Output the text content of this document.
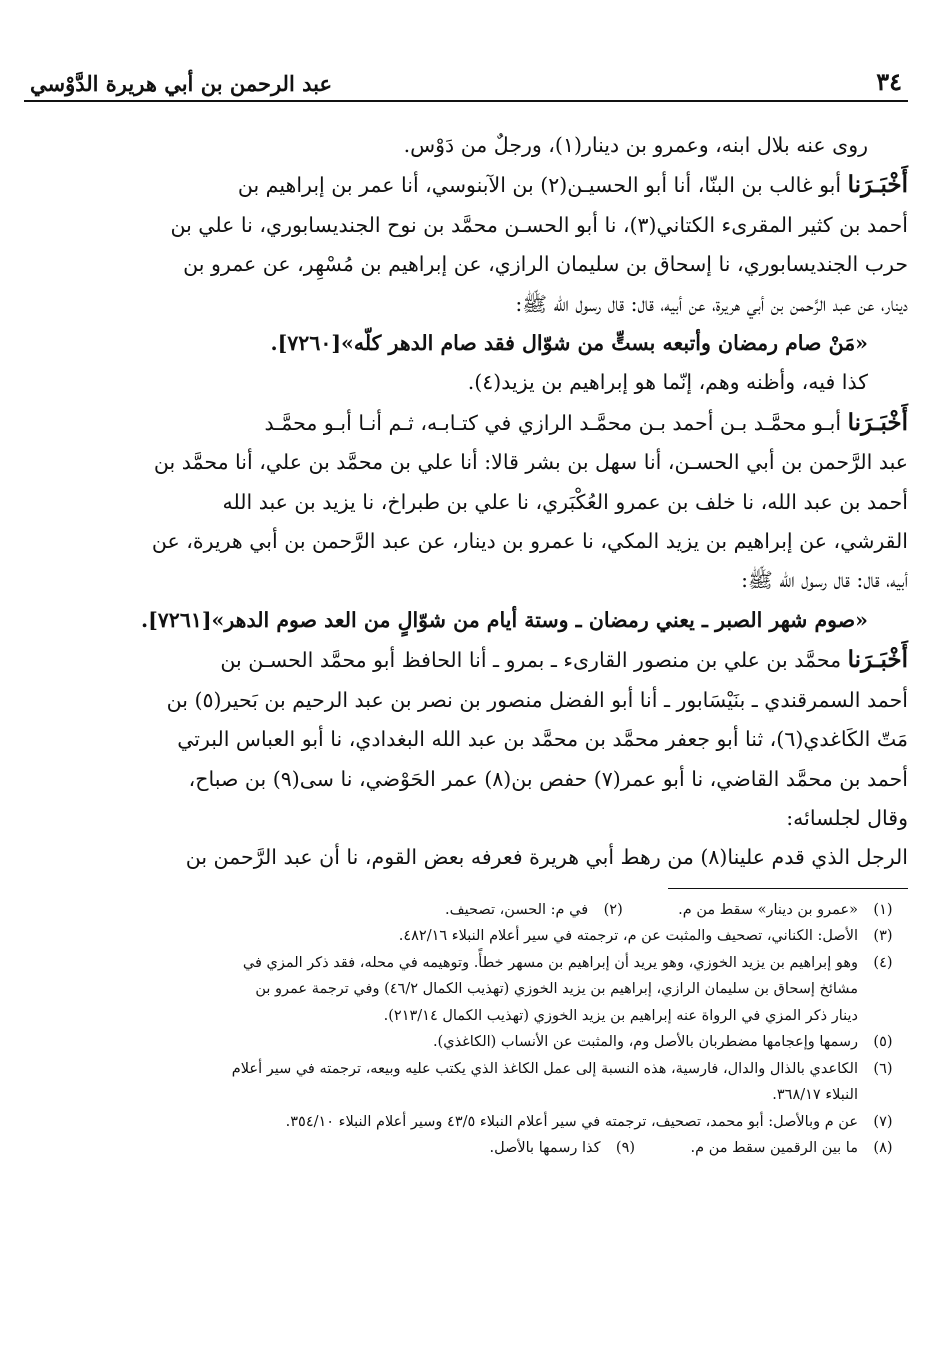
٣٤
عبد الرحمن بن أبي هريرة الدَّوْسي

روى عنه بلال ابنه، وعمرو بن دينار(١)، ورجلٌ من دَوْس.

أَخْبَـرَنا أبو غالب بن البنّا، أنا أبو الحسيـن(٢) بن الآبنوسي، أنا عمر بن إبراهيم بن

أحمد بن كثير المقرىء الكتاني(٣)، نا أبو الحسـن محمَّد بن نوح الجنديسابوري، نا علي بن

حرب الجنديسابوري، نا إسحاق بن سليمان الرازي، عن إبراهيم بن مُسْهِر، عن عمرو بن

دينار، عن عبد الرَّحمن بن أبي هريرة، عن أبيه، قال: قال رسول الله ﷺ:

«مَنْ صام رمضان وأتبعه بستٍّ من شوّال فقد صام الدهر كلّه»[٧٢٦٠].

كذا فيه، وأظنه وهم، إنّما هو إبراهيم بن يزيد(٤).

أَخْبَـرَنا أبـو محمَّـد بـن أحمد بـن محمَّـد الرازي في كتـابـه، ثـم أنـا أبـو محمَّـد

عبد الرَّحمن بن أبي الحسـن، أنا سهل بن بشر قالا: أنا علي بن محمَّد بن علي، أنا محمَّد بن

أحمد بن عبد الله، نا خلف بن عمرو العُكْبَري، نا علي بن طبراخ، نا يزيد بن عبد الله

القرشي، عن إبراهيم بن يزيد المكي، نا عمرو بن دينار، عن عبد الرَّحمن بن أبي هريرة، عن

أبيه، قال: قال رسول الله ﷺ:

«صوم شهر الصبر ـ يعني رمضان ـ وستة أيام من شوّالٍ من العد صوم الدهر»[٧٢٦١].

أَخْبَـرَنا محمَّد بن علي بن منصور القارىء ـ بمرو ـ أنا الحافظ أبو محمَّد الحسـن بن

أحمد السمرقندي ـ بنَيْسَابور ـ أنا أبو الفضل منصور بن نصر بن عبد الرحيم بن بَحير(٥) بن

مَتّ الكَاغدي(٦)، ثنا أبو جعفر محمَّد بن محمَّد بن عبد الله البغدادي، نا أبو العباس البرتي

أحمد بن محمَّد القاضي، نا أبو عمر(٧) حفص بن(٨) عمر الحَوْضي، نا سى(٩) بن صباح،

وقال لجلسائه:

الرجل الذي قدم علينا(٨) من رهط أبي هريرة فعرفه بعض القوم، نا أن عبد الرَّحمن بن

(١)
«عمرو بن دينار» سقط من م.
(٢)
في م: الحسن، تصحيف.
(٣)
الأصل: الكناني، تصحيف والمثبت عن م، ترجمته في سير أعلام النبلاء ٤٨٢/١٦.
(٤)
وهو إبراهيم بن يزيد الخوزي، وهو يريد أن إبراهيم بن مسهر خطأً. وتوهيمه في محله، فقد ذكر المزي في
مشائخ إسحاق بن سليمان الرازي، إبراهيم بن يزيد الخوزي (تهذيب الكمال ٤٦/٢) وفي ترجمة عمرو بن
دينار ذكر المزي في الرواة عنه إبراهيم بن يزيد الخوزي (تهذيب الكمال ٢١٣/١٤).
(٥)
رسمها وإعجامها مضطربان بالأصل وم، والمثبت عن الأنساب (الكاغذي).
(٦)
الكاعدي بالذال والدال، فارسية، هذه النسبة إلى عمل الكاغذ الذي يكتب عليه وبيعه، ترجمته في سير أعلام
النبلاء ٣٦٨/١٧.
(٧)
عن م وبالأصل: أبو محمد، تصحيف، ترجمته في سير أعلام النبلاء ٤٣/٥ وسير أعلام النبلاء ٣٥٤/١٠.
(٨)
ما بين الرقمين سقط من م.
(٩)
كذا رسمها بالأصل.
